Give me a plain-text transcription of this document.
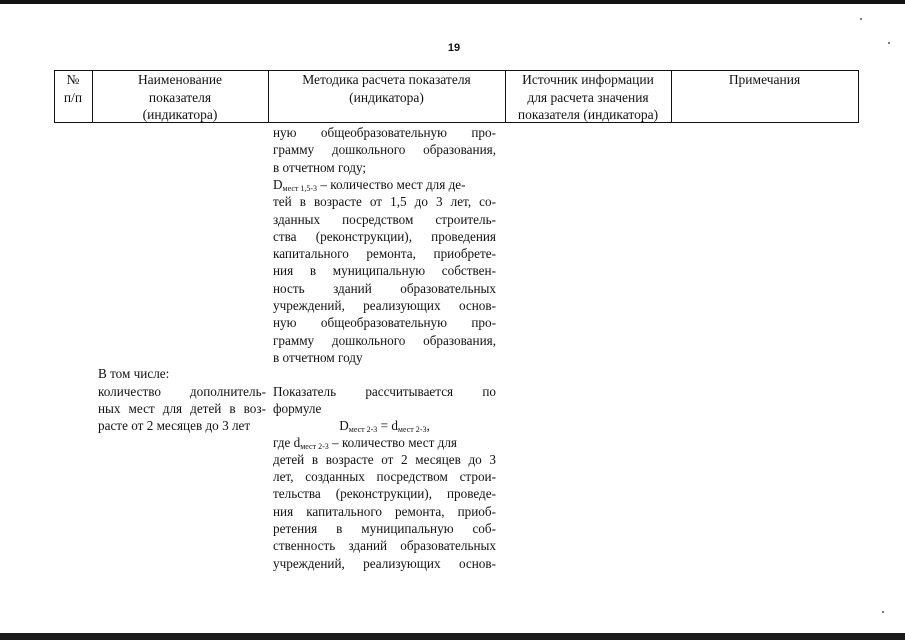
19
№
п/п
Наименование
показателя
(индикатора)
Методика расчета показателя
(индикатора)
Источник информации
для расчета значения
показателя (индикатора)
Примечания
ную общеобразовательную про-
грамму дошкольного образования,
в отчетном году;
$D_{мест 1,5-3}$ – количество мест для де-
тей в возрасте от 1,5 до 3 лет, со-
зданных посредством строитель-
ства (реконструкции), проведения
капитального ремонта, приобрете-
ния в муниципальную собствен-
ность зданий образовательных
учреждений, реализующих основ-
ную общеобразовательную про-
грамму дошкольного образования,
в отчетном году
В том числе:
количество дополнитель-
ных мест для детей в воз-
расте от 2 месяцев до 3 лет
Показатель рассчитывается по
формуле
$D_{мест 2-3} = d_{мест 2-3}$,
где $d_{мест 2-3}$ – количество мест для
детей в возрасте от 2 месяцев до 3
лет, созданных посредством строи-
тельства (реконструкции), проведе-
ния капитального ремонта, приоб-
ретения в муниципальную соб-
ственность зданий образовательных
учреждений, реализующих основ-
